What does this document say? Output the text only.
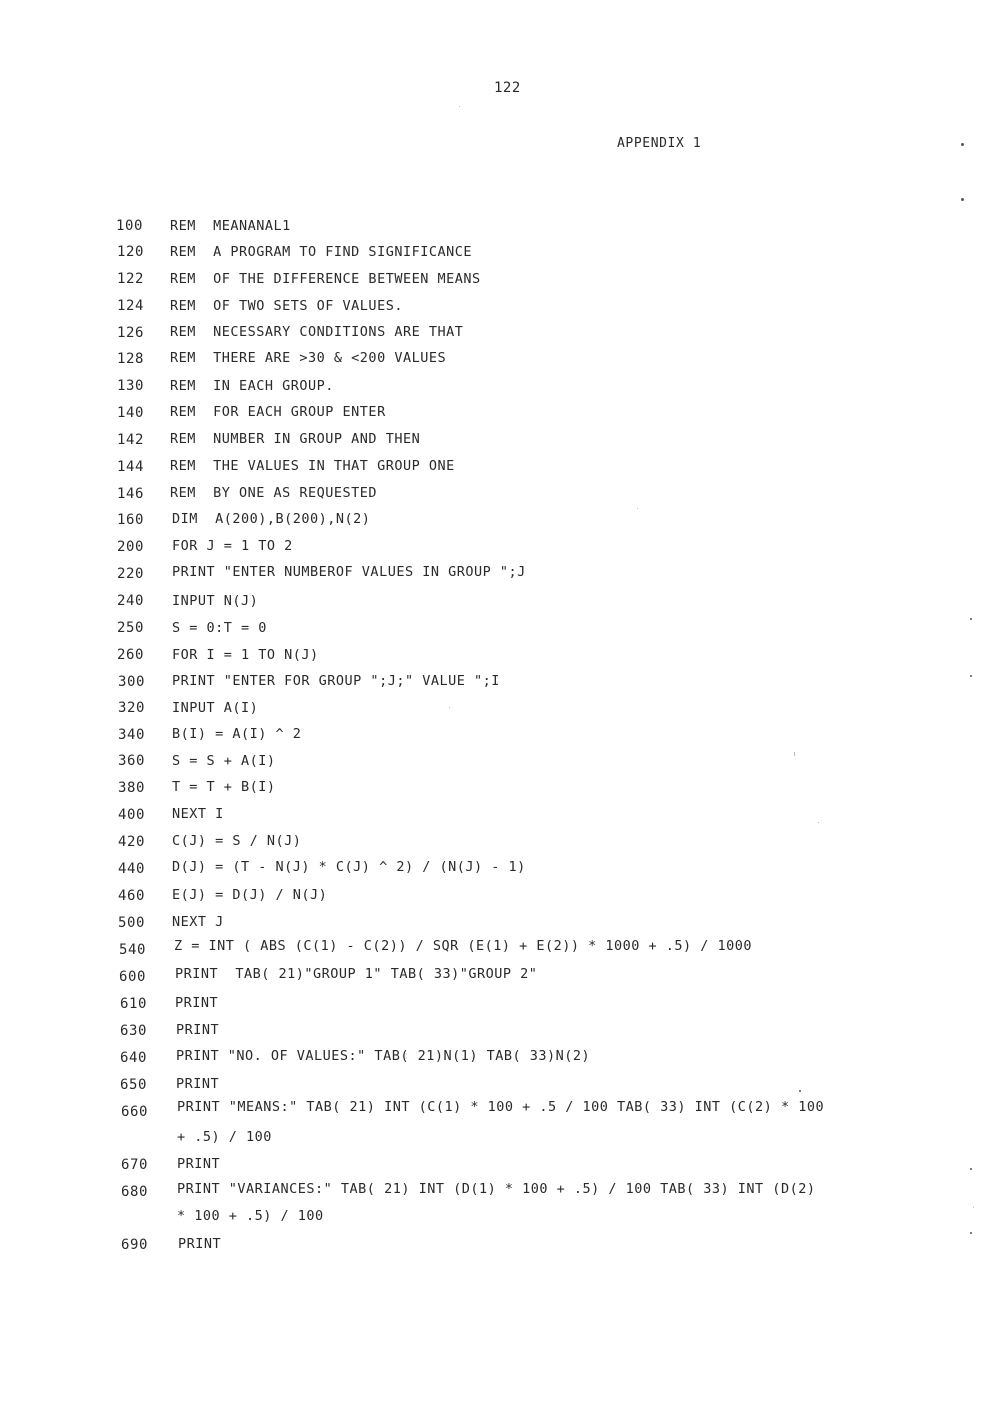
122
APPENDIX 1
100 REM  MEANANAL1
120 REM  A PROGRAM TO FIND SIGNIFICANCE
122 REM  OF THE DIFFERENCE BETWEEN MEANS
124 REM  OF TWO SETS OF VALUES.
126 REM  NECESSARY CONDITIONS ARE THAT
128 REM  THERE ARE >30 & <200 VALUES
130 REM  IN EACH GROUP.
140 REM  FOR EACH GROUP ENTER
142 REM  NUMBER IN GROUP AND THEN
144 REM  THE VALUES IN THAT GROUP ONE
146 REM  BY ONE AS REQUESTED
160 DIM  A(200),B(200),N(2)
200 FOR J = 1 TO 2
220 PRINT "ENTER NUMBEROF VALUES IN GROUP ";J
240 INPUT N(J)
250 S = 0:T = 0
260 FOR I = 1 TO N(J)
300 PRINT "ENTER FOR GROUP ";J;" VALUE ";I
320 INPUT A(I)
340 B(I) = A(I) ^ 2
360 S = S + A(I)
380 T = T + B(I)
400 NEXT I
420 C(J) = S / N(J)
440 D(J) = (T - N(J) * C(J) ^ 2) / (N(J) - 1)
460 E(J) = D(J) / N(J)
500 NEXT J
540 Z = INT ( ABS (C(1) - C(2)) / SQR (E(1) + E(2)) * 1000 + .5) / 1000
600 PRINT  TAB( 21)"GROUP 1" TAB( 33)"GROUP 2"
610 PRINT
630 PRINT
640 PRINT "NO. OF VALUES:" TAB( 21)N(1) TAB( 33)N(2)
650 PRINT
660 PRINT "MEANS:" TAB( 21) INT (C(1) * 100 + .5 / 100 TAB( 33) INT (C(2) * 100
+ .5) / 100
670 PRINT
680 PRINT "VARIANCES:" TAB( 21) INT (D(1) * 100 + .5) / 100 TAB( 33) INT (D(2)
* 100 + .5) / 100
690 PRINT
